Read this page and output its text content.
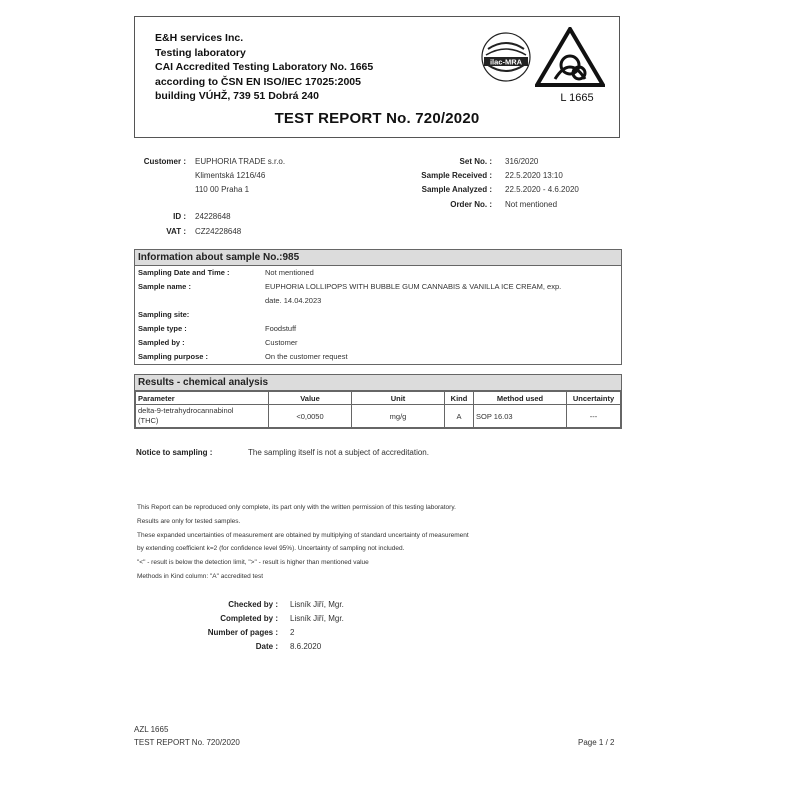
E&H services Inc.
Testing laboratory
CAI Accredited Testing Laboratory No. 1665
according to ČSN EN ISO/IEC 17025:2005
building VÚHŽ, 739 51 Dobrá 240
ilac-MRA
L 1665
TEST REPORT No. 720/2020
Customer : EUPHORIA TRADE s.r.o.
Klimentská 1216/46
110 00 Praha 1
ID : 24228648
VAT : CZ24228648
Set No. : 316/2020
Sample Received : 22.5.2020 13:10
Sample Analyzed : 22.5.2020 - 4.6.2020
Order No. : Not mentioned
Information about sample No.:985
Sampling Date and Time :	Not mentioned
Sample name :	EUPHORIA LOLLIPOPS WITH BUBBLE GUM CANNABIS & VANILLA ICE CREAM, exp.
date. 14.04.2023
Sampling site:
Sample type :	Foodstuff
Sampled by :	Customer
Sampling purpose :	On the customer request
Results - chemical analysis
Parameter	Value	Unit	Kind	Method used	Uncertainty

delta-9-tetrahydrocannabinol
(THC)	<0,0050	mg/g	A	SOP 16.03	---
Notice to sampling :	The sampling itself is not a subject of accreditation.
This Report can be reproduced only complete, its part only with the written permission of this testing laboratory.
Results are only for tested samples.
These expanded uncertainties of measurement are obtained by multiplying of standard uncertainty of measurement
by extending coefficient k=2 (for confidence level 95%). Uncertainty of sampling not included.
"<" - result is below the detection limit, ">" - result is higher than mentioned value
Methods in Kind column: "A" accredited test
Checked by : Lisník Jiří, Mgr.
Completed by : Lisník Jiří, Mgr.
Number of pages : 2
Date : 8.6.2020
AZL 1665
TEST REPORT No. 720/2020	Page 1 / 2
